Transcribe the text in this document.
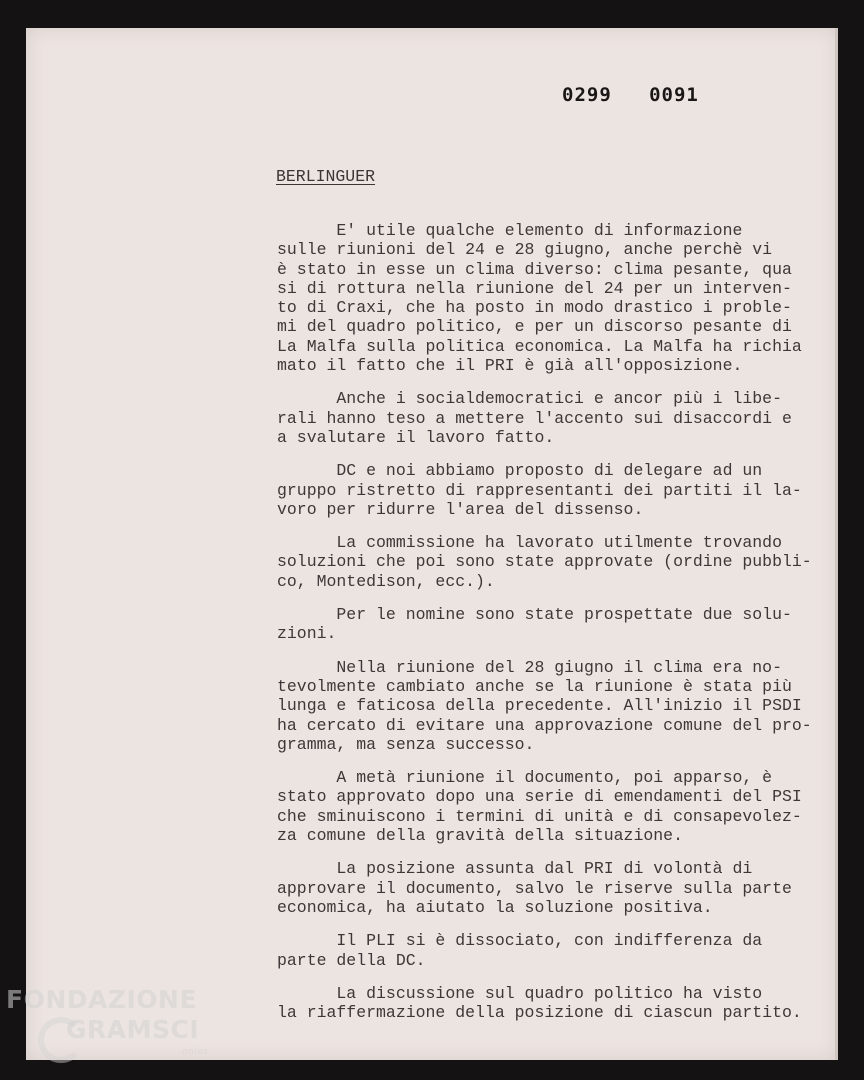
0299   0091
BERLINGUER

E' utile qualche elemento di informazione
sulle riunioni del 24 e 28 giugno, anche perchè vi
è stato in esse un clima diverso: clima pesante, qua
si di rottura nella riunione del 24 per un interven-
to di Craxi, che ha posto in modo drastico i proble-
mi del quadro politico, e per un discorso pesante di
La Malfa sulla politica economica. La Malfa ha richia
mato il fatto che il PRI è già all'opposizione.

Anche i socialdemocratici e ancor più i libe-
rali hanno teso a mettere l'accento sui disaccordi e
a svalutare il lavoro fatto.

DC e noi abbiamo proposto di delegare ad un
gruppo ristretto di rappresentanti dei partiti il la-
voro per ridurre l'area del dissenso.

La commissione ha lavorato utilmente trovando
soluzioni che poi sono state approvate (ordine pubbli-
co, Montedison, ecc.).

Per le nomine sono state prospettate due solu-
zioni.

Nella riunione del 28 giugno il clima era no-
tevolmente cambiato anche se la riunione è stata più
lunga e faticosa della precedente. All'inizio il PSDI
ha cercato di evitare una approvazione comune del pro-
gramma, ma senza successo.

A metà riunione il documento, poi apparso, è
stato approvato dopo una serie di emendamenti del PSI
che sminuiscono i termini di unità e di consapevolez-
za comune della gravità della situazione.

La posizione assunta dal PRI di volontà di
approvare il documento, salvo le riserve sulla parte
economica, ha aiutato la soluzione positiva.

Il PLI si è dissociato, con indifferenza da
parte della DC.

La discussione sul quadro politico ha visto
la riaffermazione della posizione di ciascun partito.

FONDAZIONE
GRAMSCI
onlus
